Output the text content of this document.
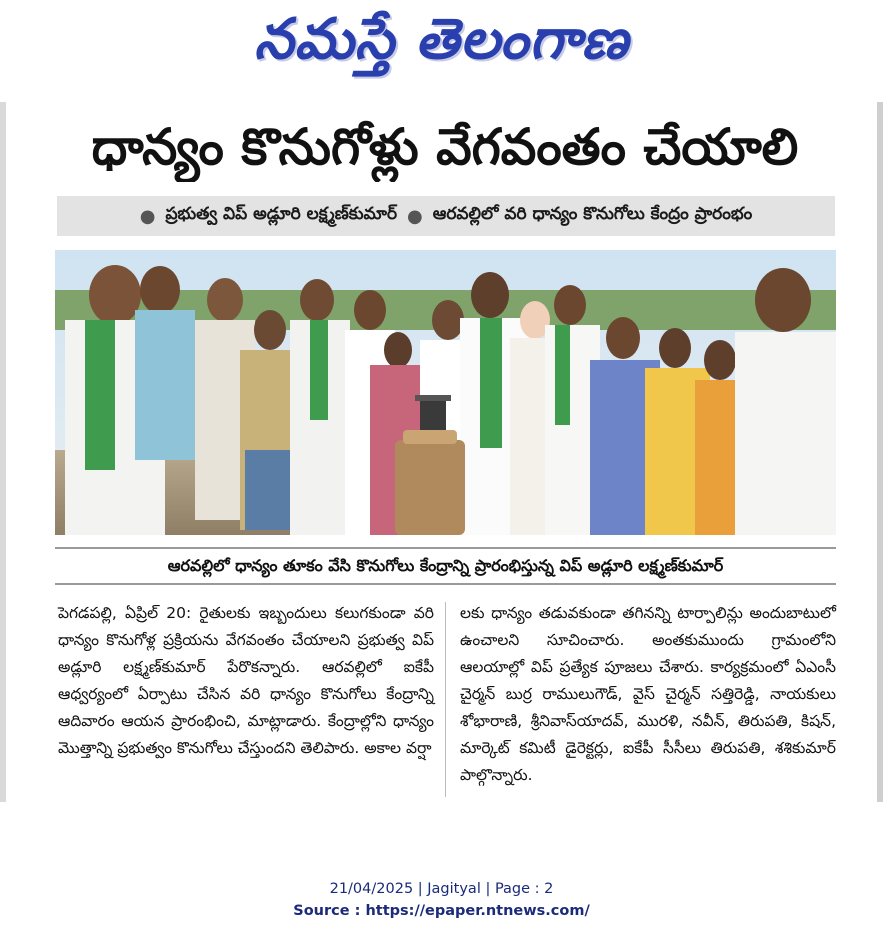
నమస్తే తెలంగాణ
ధాన్యం కొనుగోళ్లు వేగవంతం చేయాలి
● ప్రభుత్వ విప్ అడ్లూరి లక్ష్మణ్‌కుమార్ ● ఆరవల్లిలో వరి ధాన్యం కొనుగోలు కేంద్రం ప్రారంభం
ఆరవల్లిలో ధాన్యం తూకం వేసి కొనుగోలు కేంద్రాన్ని ప్రారంభిస్తున్న విప్ అడ్లూరి లక్ష్మణ్‌కుమార్
పెగడపల్లి, ఏప్రిల్ 20: రైతులకు ఇబ్బందులు కలుగకుండా వరి ధాన్యం కొనుగోళ్ల ప్రక్రియను వేగవంతం చేయాలని ప్రభుత్వ విప్ అడ్లూరి లక్ష్మణ్‌కుమార్ పేరొకన్నారు. ఆరవల్లిలో ఐకేపీ ఆధ్వర్యంలో ఏర్పాటు చేసిన వరి ధాన్యం కొనుగోలు కేంద్రాన్ని ఆదివారం ఆయన ప్రారంభించి, మాట్లాడారు. కేంద్రాల్లోని ధాన్యం మొత్తాన్ని ప్రభుత్వం కొనుగోలు చేస్తుందని తెలిపారు. అకాల వర్షా
లకు ధాన్యం తడువకుండా తగినన్ని టార్పాలిన్లు అందుబాటులో ఉంచాలని సూచించారు. అంతకుముందు గ్రామంలోని ఆలయాల్లో విప్ ప్రత్యేక పూజలు చేశారు. కార్యక్రమంలో ఏఎంసీ చైర్మన్ బుర్ర రాములుగౌడ్, వైస్ చైర్మన్ సత్తిరెడ్డి, నాయకులు శోభారాణి, శ్రీనివాస్‌యాదవ్, మురళి, నవీన్, తిరుపతి, కిషన్, మార్కెట్ కమిటీ డైరెక్టర్లు, ఐకేపీ సీసీలు తిరుపతి, శశికుమార్ పాల్గొన్నారు.
21/04/2025 | Jagityal | Page : 2
Source : https://epaper.ntnews.com/
